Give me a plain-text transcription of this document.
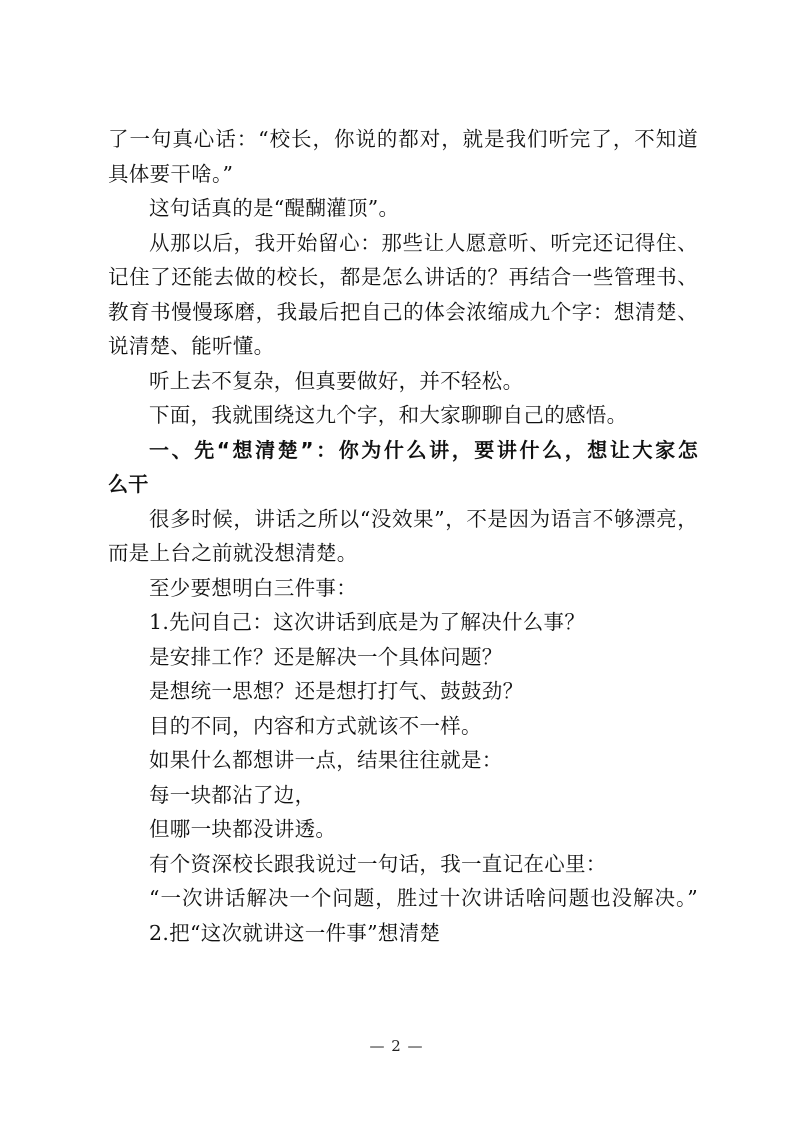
了一句真心话：“校长，你说的都对，就是我们听完了，不知道
具体要干啥。”
这句话真的是“醍醐灌顶”。
从那以后，我开始留心：那些让人愿意听、听完还记得住、
记住了还能去做的校长，都是怎么讲话的？再结合一些管理书、
教育书慢慢琢磨，我最后把自己的体会浓缩成九个字：想清楚、
说清楚、能听懂。
听上去不复杂，但真要做好，并不轻松。
下面，我就围绕这九个字，和大家聊聊自己的感悟。
一、先“想清楚”：你为什么讲，要讲什么，想让大家怎
么干
很多时候，讲话之所以“没效果”，不是因为语言不够漂亮，
而是上台之前就没想清楚。
至少要想明白三件事：
1.先问自己：这次讲话到底是为了解决什么事？
是安排工作？还是解决一个具体问题？
是想统一思想？还是想打打气、鼓鼓劲？
目的不同，内容和方式就该不一样。
如果什么都想讲一点，结果往往就是：
每一块都沾了边，
但哪一块都没讲透。
有个资深校长跟我说过一句话，我一直记在心里：
“一次讲话解决一个问题，胜过十次讲话啥问题也没解决。”
2.把“这次就讲这一件事”想清楚
— 2 —
